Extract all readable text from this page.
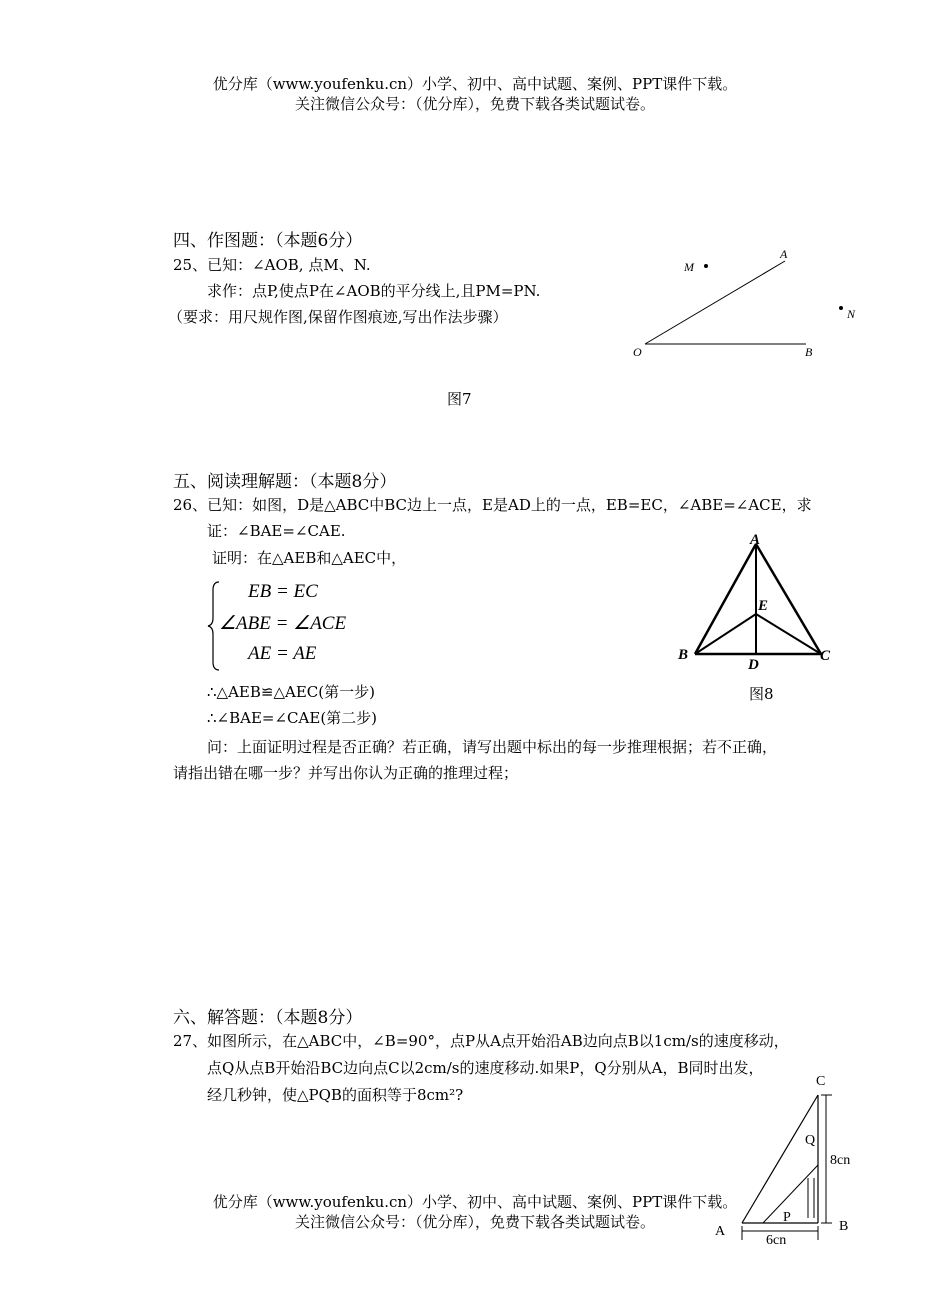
优分库（www.youfenku.cn）小学、初中、高中试题、案例、PPT课件下载。
关注微信公众号：（优分库），免费下载各类试题试卷。
四、作图题：（本题6分）
25、已知：∠AOB, 点M、N.
求作：点P,使点P在∠AOB的平分线上,且PM=PN.
（要求：用尺规作图,保留作图痕迹,写出作法步骤）
M
A
N
O	B
图7
五、阅读理解题：（本题8分）
26、已知：如图，D是△ABC中BC边上一点，E是AD上的一点，EB=EC，∠ABE=∠ACE，求
证：∠BAE=∠CAE.
证明：在△AEB和△AEC中，
EB = EC
∠ABE = ∠ACE
AE = AE
∴△AEB≌△AEC(第一步)
∴∠BAE=∠CAE(第二步)
问：上面证明过程是否正确？若正确，请写出题中标出的每一步推理根据；若不正确，
请指出错在哪一步？并写出你认为正确的推理过程；
A
E
B
D
C
图8
六、解答题：（本题8分）
27、如图所示，在△ABC中，∠B=90°，点P从A点开始沿AB边向点B以1cm/s的速度移动，
点Q从点B开始沿BC边向点C以2cm/s的速度移动.如果P，Q分别从A，B同时出发，
经几秒钟，使△PQB的面积等于8cm²?
C
Q
8cn
P
A	B
6cn
优分库（www.youfenku.cn）小学、初中、高中试题、案例、PPT课件下载。
关注微信公众号：（优分库），免费下载各类试题试卷。
